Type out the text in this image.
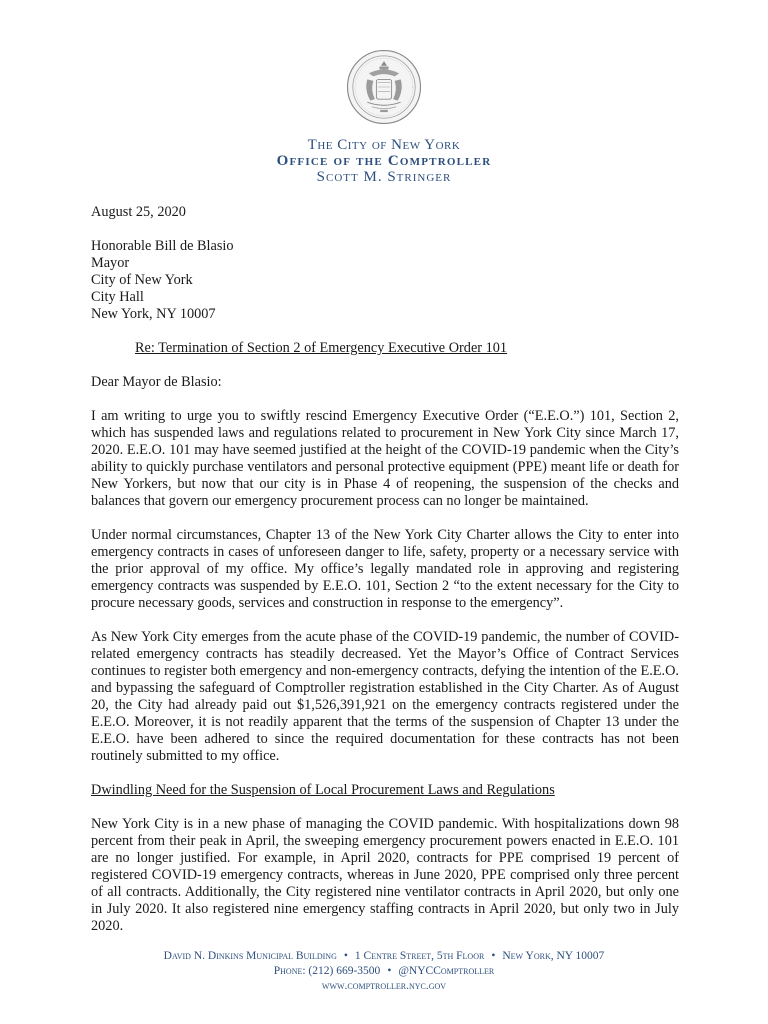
The City of New York
Office of the Comptroller
Scott M. Stringer

August 25, 2020

Honorable Bill de Blasio

Mayor

City of New York

City Hall

New York, NY 10007

Re: Termination of Section 2 of Emergency Executive Order 101

Dear Mayor de Blasio:

I am writing to urge you to swiftly rescind Emergency Executive Order (“E.E.O.”) 101, Section 2, which has suspended laws and regulations related to procurement in New York City since March 17, 2020. E.E.O. 101 may have seemed justified at the height of the COVID-19 pandemic when the City’s ability to quickly purchase ventilators and personal protective equipment (PPE) meant life or death for New Yorkers, but now that our city is in Phase 4 of reopening, the suspension of the checks and balances that govern our emergency procurement process can no longer be maintained.

Under normal circumstances, Chapter 13 of the New York City Charter allows the City to enter into emergency contracts in cases of unforeseen danger to life, safety, property or a necessary service with the prior approval of my office. My office’s legally mandated role in approving and registering emergency contracts was suspended by E.E.O. 101, Section 2 “to the extent necessary for the City to procure necessary goods, services and construction in response to the emergency”.

As New York City emerges from the acute phase of the COVID-19 pandemic, the number of COVID-related emergency contracts has steadily decreased. Yet the Mayor’s Office of Contract Services continues to register both emergency and non-emergency contracts, defying the intention of the E.E.O. and bypassing the safeguard of Comptroller registration established in the City Charter. As of August 20, the City had already paid out $1,526,391,921 on the emergency contracts registered under the E.E.O. Moreover, it is not readily apparent that the terms of the suspension of Chapter 13 under the E.E.O. have been adhered to since the required documentation for these contracts has not been routinely submitted to my office.

Dwindling Need for the Suspension of Local Procurement Laws and Regulations

New York City is in a new phase of managing the COVID pandemic. With hospitalizations down 98 percent from their peak in April, the sweeping emergency procurement powers enacted in E.E.O. 101 are no longer justified. For example, in April 2020, contracts for PPE comprised 19 percent of registered COVID-19 emergency contracts, whereas in June 2020, PPE comprised only three percent of all contracts. Additionally, the City registered nine ventilator contracts in April 2020, but only one in July 2020. It also registered nine emergency staffing contracts in April 2020, but only two in July 2020.

David N. Dinkins Municipal Building • 1 Centre Street, 5th Floor • New York, NY 10007
Phone: (212) 669-3500 • @NYCComptroller
www.comptroller.nyc.gov
